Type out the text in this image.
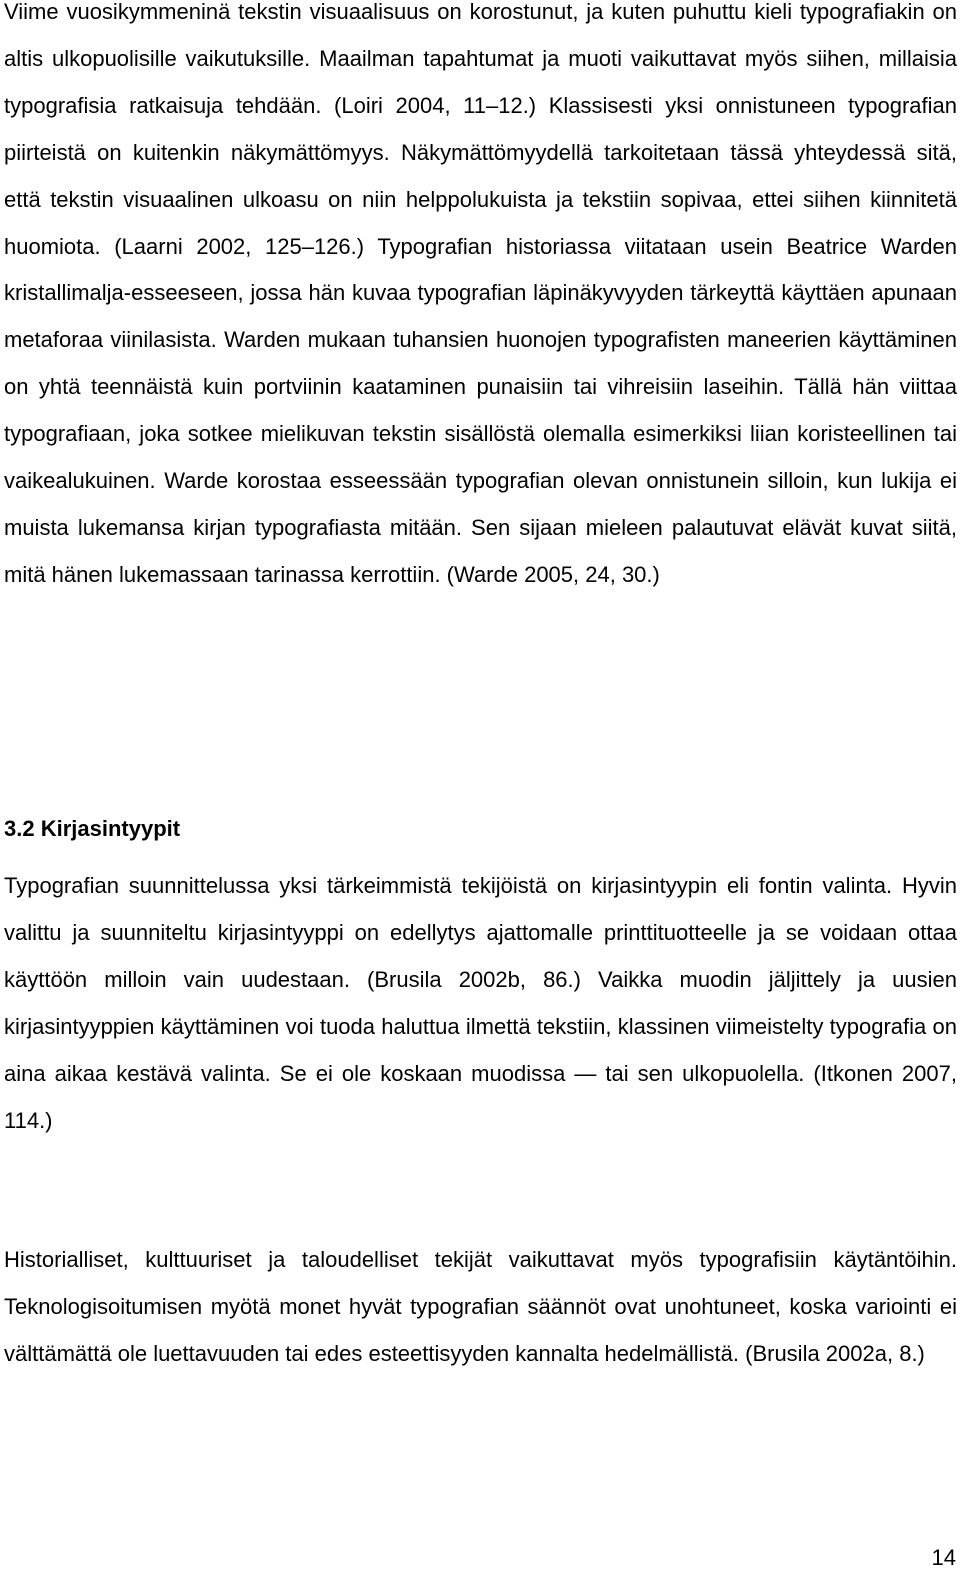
Viime vuosikymmeninä tekstin visuaalisuus on korostunut, ja kuten puhuttu kieli typografiakin on altis ulkopuolisille vaikutuksille. Maailman tapahtumat ja muoti vaikuttavat myös siihen, millaisia typografisia ratkaisuja tehdään. (Loiri 2004, 11–12.) Klassisesti yksi onnistuneen typografian piirteistä on kuitenkin näkymättömyys. Näkymättömyydellä tarkoitetaan tässä yhteydessä sitä, että tekstin visuaalinen ulkoasu on niin helppolukuista ja tekstiin sopivaa, ettei siihen kiinnitetä huomiota. (Laarni 2002, 125–126.) Typografian historiassa viitataan usein Beatrice Warden kristallimalja-esseeseen, jossa hän kuvaa typografian läpinäkyvyyden tärkeyttä käyttäen apunaan metaforaa viinilasista. Warden mukaan tuhansien huonojen typografisten maneerien käyttäminen on yhtä teennäistä kuin portviinin kaataminen punaisiin tai vihreisiin laseihin. Tällä hän viittaa typografiaan, joka sotkee mielikuvan tekstin sisällöstä olemalla esimerkiksi liian koristeellinen tai vaikealukuinen. Warde korostaa esseessään typografian olevan onnistunein silloin, kun lukija ei muista lukemansa kirjan typografiasta mitään. Sen sijaan mieleen palautuvat elävät kuvat siitä, mitä hänen lukemassaan tarinassa kerrottiin. (Warde 2005, 24, 30.)

3.2 Kirjasintyypit

Typografian suunnittelussa yksi tärkeimmistä tekijöistä on kirjasintyypin eli fontin valinta. Hyvin valittu ja suunniteltu kirjasintyyppi on edellytys ajattomalle printtituotteelle ja se voidaan ottaa käyttöön milloin vain uudestaan. (Brusila 2002b, 86.) Vaikka muodin jäljittely ja uusien kirjasintyyppien käyttäminen voi tuoda haluttua ilmettä tekstiin, klassinen viimeistelty typografia on aina aikaa kestävä valinta. Se ei ole koskaan muodissa — tai sen ulkopuolella. (Itkonen 2007, 114.)

Historialliset, kulttuuriset ja taloudelliset tekijät vaikuttavat myös typografisiin käytäntöihin. Teknologisoitumisen myötä monet hyvät typografian säännöt ovat unohtuneet, koska variointi ei välttämättä ole luettavuuden tai edes esteettisyyden kannalta hedelmällistä. (Brusila 2002a, 8.)

14
